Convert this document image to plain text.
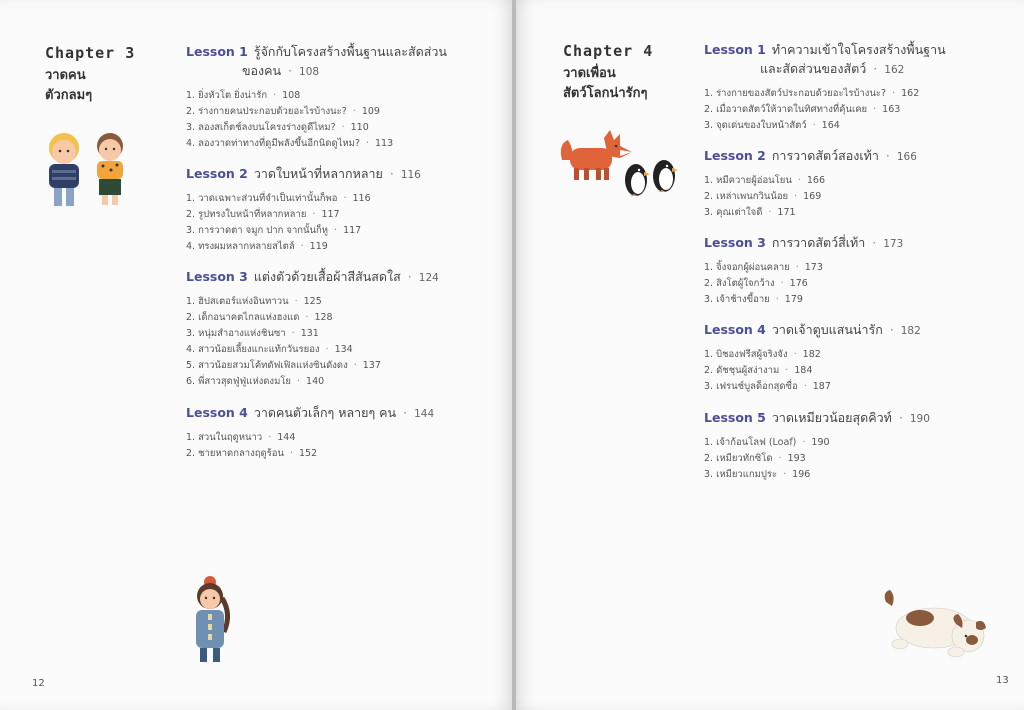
Chapter 3
วาดคน
ตัวกลมๆ
Lesson 1 รู้จักกับโครงสร้างพื้นฐานและสัดส่วน
ของคน · 108
1. ยิ่งหัวโต ยิ่งน่ารัก · 108
2. ร่างกายคนประกอบด้วยอะไรบ้างนะ? · 109
3. ลองสเก็ตช์ลงบนโครงร่างดูดีไหม? · 110
4. ลองวาดท่าทางที่ดูมีพลังขึ้นอีกนิดดูไหม? · 113
Lesson 2 วาดใบหน้าที่หลากหลาย · 116
1. วาดเฉพาะส่วนที่จำเป็นเท่านั้นก็พอ · 116
2. รูปทรงใบหน้าที่หลากหลาย · 117
3. การวาดตา จมูก ปาก จากนั้นก็หู · 117
4. ทรงผมหลากหลายสไตล์ · 119
Lesson 3 แต่งตัวด้วยเสื้อผ้าสีสันสดใส · 124
1. ฮิปสเตอร์แห่งอินทาวน · 125
2. เด็กอนาคตไกลแห่งฮงแด · 128
3. หนุ่มสำอางแห่งชินซา · 131
4. สาวน้อยเลี้ยงแกะแท้กวันรยอง · 134
5. สาวน้อยสวมโค้ทดัฟเฟิลแห่งซินดังดง · 137
6. พี่สาวสุดฟู่ฟู่แห่งดงมโย · 140
Lesson 4 วาดคนตัวเล็กๆ หลายๆ คน · 144
1. สวนในฤดูหนาว · 144
2. ชายหาดกลางฤดูร้อน · 152
12
Chapter 4
วาดเพื่อน
สัตว์โลกน่ารักๆ
Lesson 1 ทำความเข้าใจโครงสร้างพื้นฐาน
และสัดส่วนของสัตว์ · 162
1. ร่างกายของสัตว์ประกอบด้วยอะไรบ้างนะ? · 162
2. เมื่อวาดสัตว์ให้วาดในทิศทางที่คุ้นเคย · 163
3. จุดเด่นของใบหน้าสัตว์ · 164
Lesson 2 การวาดสัตว์สองเท้า · 166
1. หมีควายผู้อ่อนโยน · 166
2. เหล่าเพนกวินน้อย · 169
3. คุณเต่าใจดี · 171
Lesson 3 การวาดสัตว์สี่เท้า · 173
1. จิ้งจอกผู้ผ่อนคลาย · 173
2. สิงโตผู้ใจกว้าง · 176
3. เจ้าช้างขี้อาย · 179
Lesson 4 วาดเจ้าตูบแสนน่ารัก · 182
1. บิชองฟรีสผู้จริงจัง · 182
2. ดัชชุนผู้สง่างาม · 184
3. เฟรนช์บูลด็อกสุดซื่อ · 187
Lesson 5 วาดเหมียวน้อยสุดคิวท์ · 190
1. เจ้าก้อนโลฟ (Loaf) · 190
2. เหมียวทักซิโด · 193
3. เหมียวแกมปูระ · 196
13
